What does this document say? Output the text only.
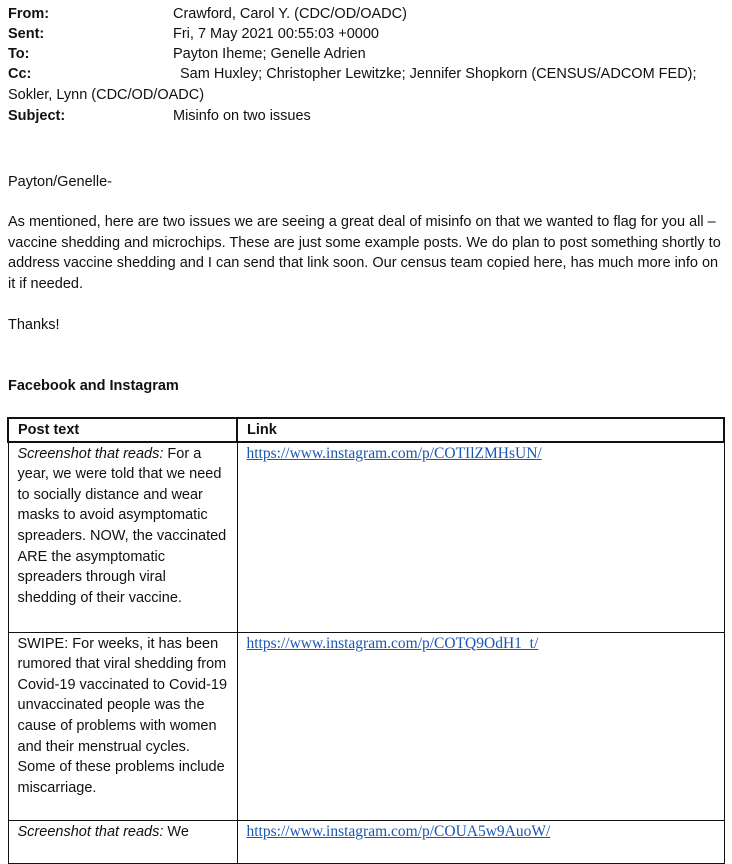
From:	Crawford, Carol Y. (CDC/OD/OADC)
Sent:	Fri, 7 May 2021 00:55:03 +0000
To:	Payton Iheme; Genelle Adrien
Cc:	Sam Huxley; Christopher Lewitzke; Jennifer Shopkorn (CENSUS/ADCOM FED);
Sokler, Lynn (CDC/OD/OADC)
Subject:	Misinfo on two issues
Payton/Genelle-
As mentioned, here are two issues we are seeing a great deal of misinfo on that we wanted to flag for you all – vaccine shedding and microchips. These are just some example posts. We do plan to post something shortly to address vaccine shedding and I can send that link soon. Our census team copied here, has much more info on it if needed.
Thanks!
Facebook and Instagram
Post text	Link
Screenshot that reads: For a year, we were told that we need to socially distance and wear masks to avoid asymptomatic spreaders. NOW, the vaccinated ARE the asymptomatic spreaders through viral shedding of their vaccine.	https://www.instagram.com/p/COTIlZMHsUN/
SWIPE: For weeks, it has been rumored that viral shedding from Covid-19 vaccinated to Covid-19 unvaccinated people was the cause of problems with women and their menstrual cycles. Some of these problems include miscarriage.	https://www.instagram.com/p/COTQ9OdH1_t/
Screenshot that reads: We	https://www.instagram.com/p/COUA5w9AuoW/
